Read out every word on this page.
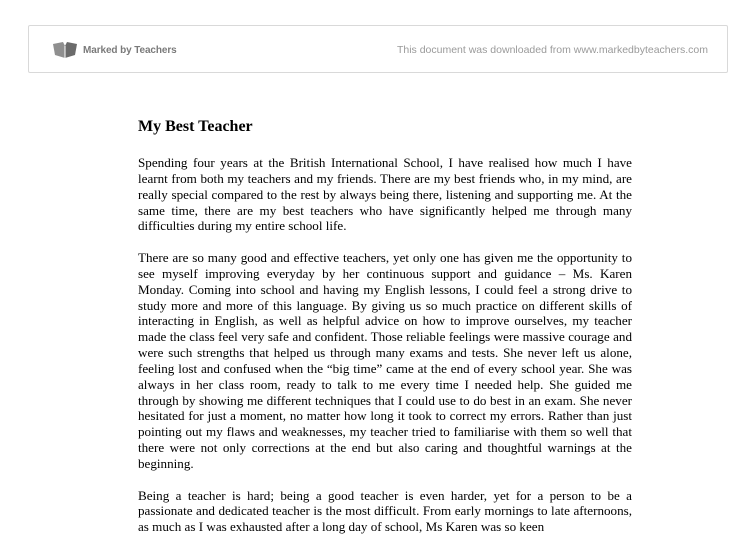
Marked by Teachers	This document was downloaded from www.markedbyteachers.com
My Best Teacher

Spending four years at the British International School, I have realised how much I have learnt from both my teachers and my friends. There are my best friends who, in my mind, are really special compared to the rest by always being there, listening and supporting me. At the same time, there are my best teachers who have significantly helped me through many difficulties during my entire school life.

There are so many good and effective teachers, yet only one has given me the opportunity to see myself improving everyday by her continuous support and guidance – Ms. Karen Monday. Coming into school and having my English lessons, I could feel a strong drive to study more and more of this language. By giving us so much practice on different skills of interacting in English, as well as helpful advice on how to improve ourselves, my teacher made the class feel very safe and confident. Those reliable feelings were massive courage and were such strengths that helped us through many exams and tests. She never left us alone, feeling lost and confused when the “big time” came at the end of every school year. She was always in her class room, ready to talk to me every time I needed help. She guided me through by showing me different techniques that I could use to do best in an exam. She never hesitated for just a moment, no matter how long it took to correct my errors. Rather than just pointing out my flaws and weaknesses, my teacher tried to familiarise with them so well that there were not only corrections at the end but also caring and thoughtful warnings at the beginning.

Being a teacher is hard; being a good teacher is even harder, yet for a person to be a passionate and dedicated teacher is the most difficult. From early mornings to late afternoons, as much as I was exhausted after a long day of school, Ms Karen was so keen
